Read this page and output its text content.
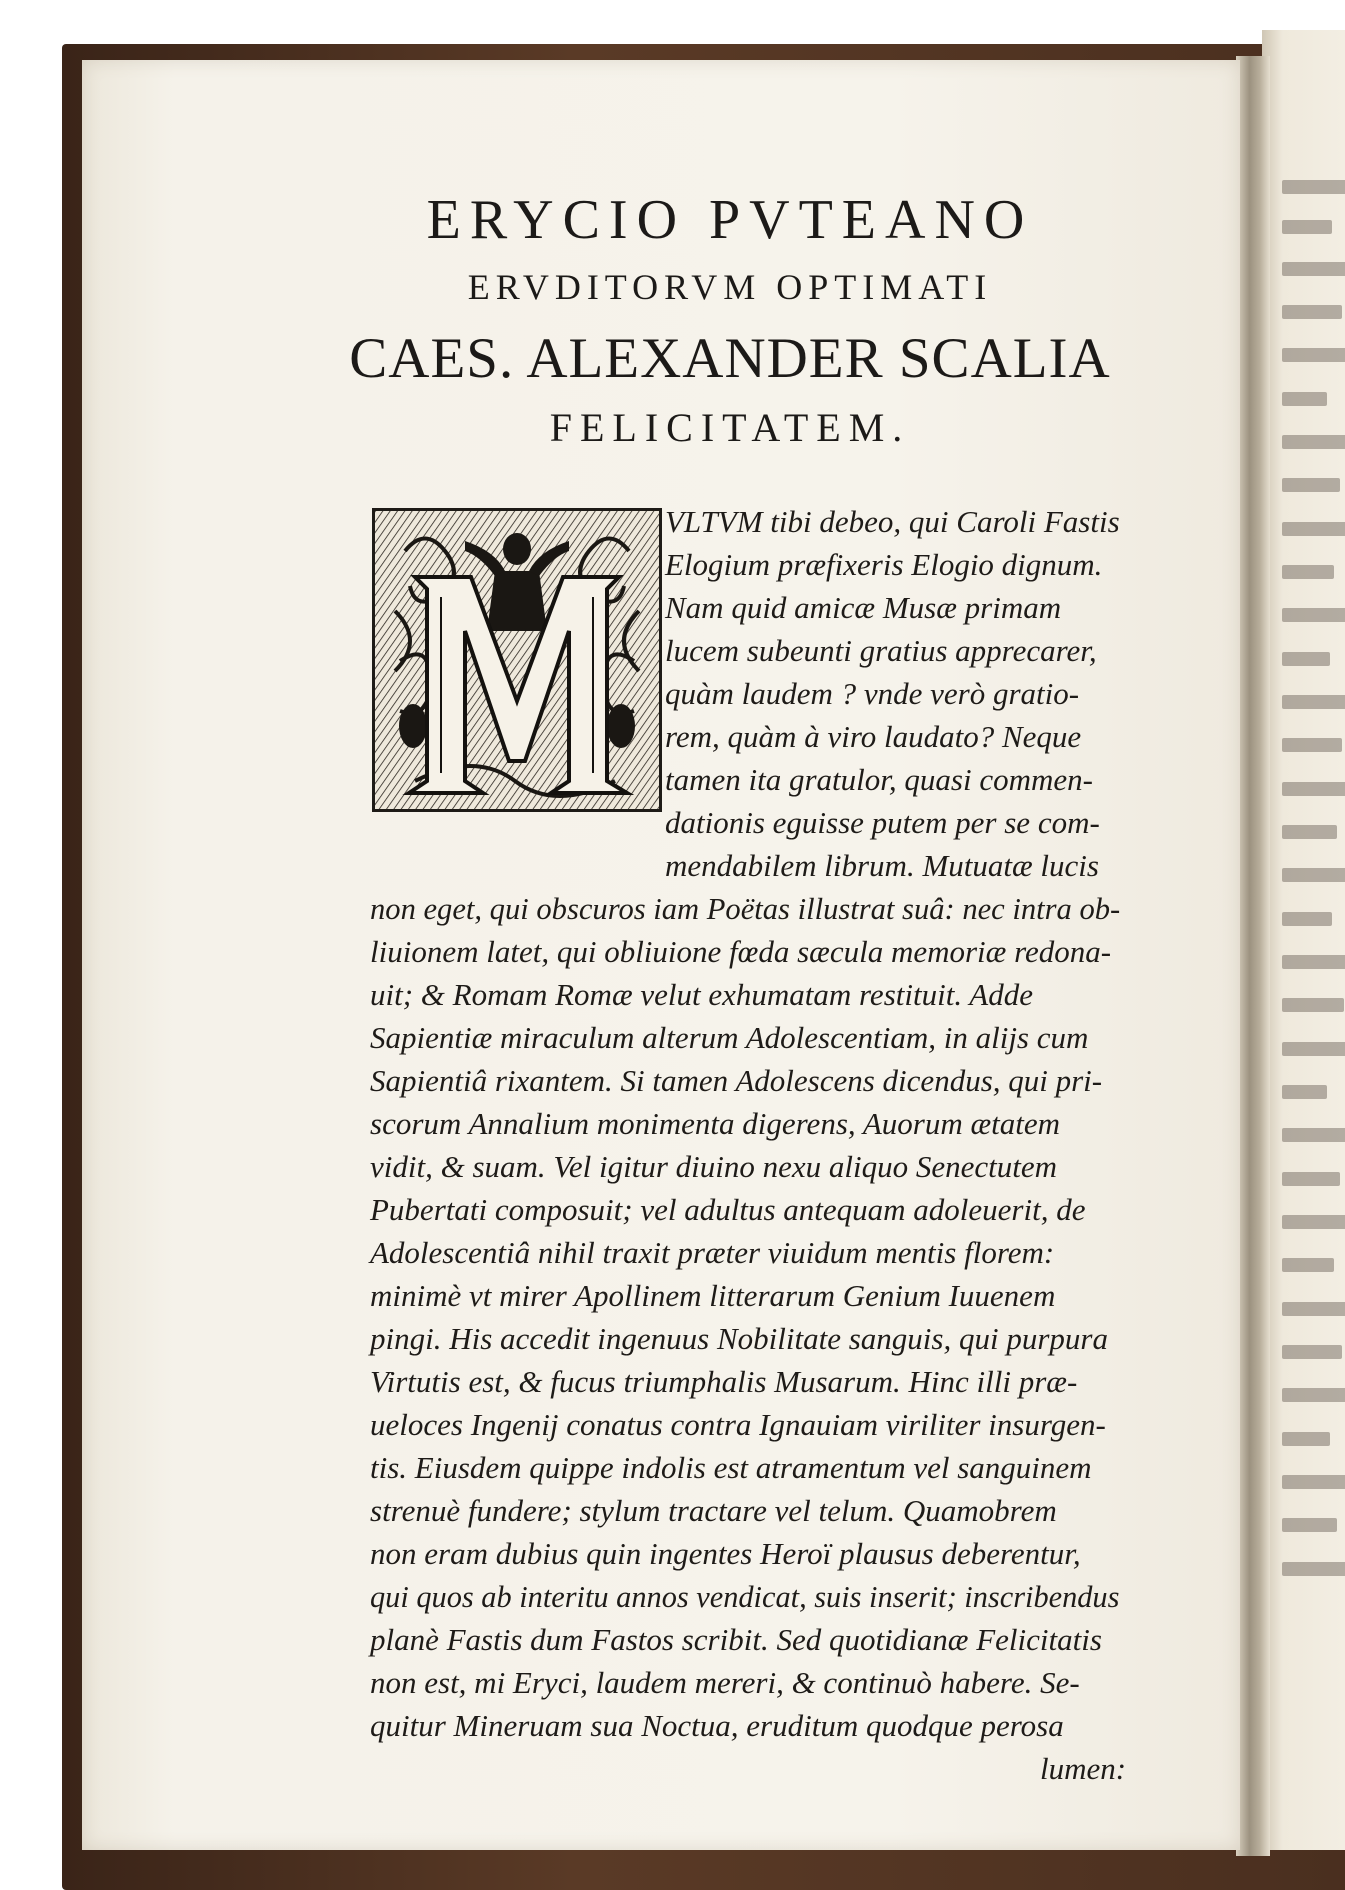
ERYCIO PVTEANO
ERVDITORVM OPTIMATI
CAES. ALEXANDER SCALIA
FELICITATEM.
VLTVM tibi debeo, qui Caroli Fastis
Elogium præfixeris Elogio dignum.
Nam quid amicæ Musæ primam
lucem subeunti gratius apprecarer,
quàm laudem ? vnde verò gratio-
rem, quàm à viro laudato? Neque
tamen ita gratulor, quasi commen-
dationis eguisse putem per se com-
mendabilem librum. Mutuatæ lucis
non eget, qui obscuros iam Poëtas illustrat suâ: nec intra ob-
liuionem latet, qui obliuione fœda sæcula memoriæ redona-
uit; & Romam Romæ velut exhumatam restituit. Adde
Sapientiæ miraculum alterum Adolescentiam, in alijs cum
Sapientiâ rixantem. Si tamen Adolescens dicendus, qui pri-
scorum Annalium monimenta digerens, Auorum ætatem
vidit, & suam. Vel igitur diuino nexu aliquo Senectutem
Pubertati composuit; vel adultus antequam adoleuerit, de
Adolescentiâ nihil traxit præter viuidum mentis florem:
minimè vt mirer Apollinem litterarum Genium Iuuenem
pingi. His accedit ingenuus Nobilitate sanguis, qui purpura
Virtutis est, & fucus triumphalis Musarum. Hinc illi præ-
ueloces Ingenij conatus contra Ignauiam viriliter insurgen-
tis. Eiusdem quippe indolis est atramentum vel sanguinem
strenuè fundere; stylum tractare vel telum. Quamobrem
non eram dubius quin ingentes Heroï plausus deberentur,
qui quos ab interitu annos vendicat, suis inserit; inscribendus
planè Fastis dum Fastos scribit. Sed quotidianæ Felicitatis
non est, mi Eryci, laudem mereri, & continuò habere. Se-
quitur Mineruam sua Noctua, eruditum quodque perosa
lumen:
